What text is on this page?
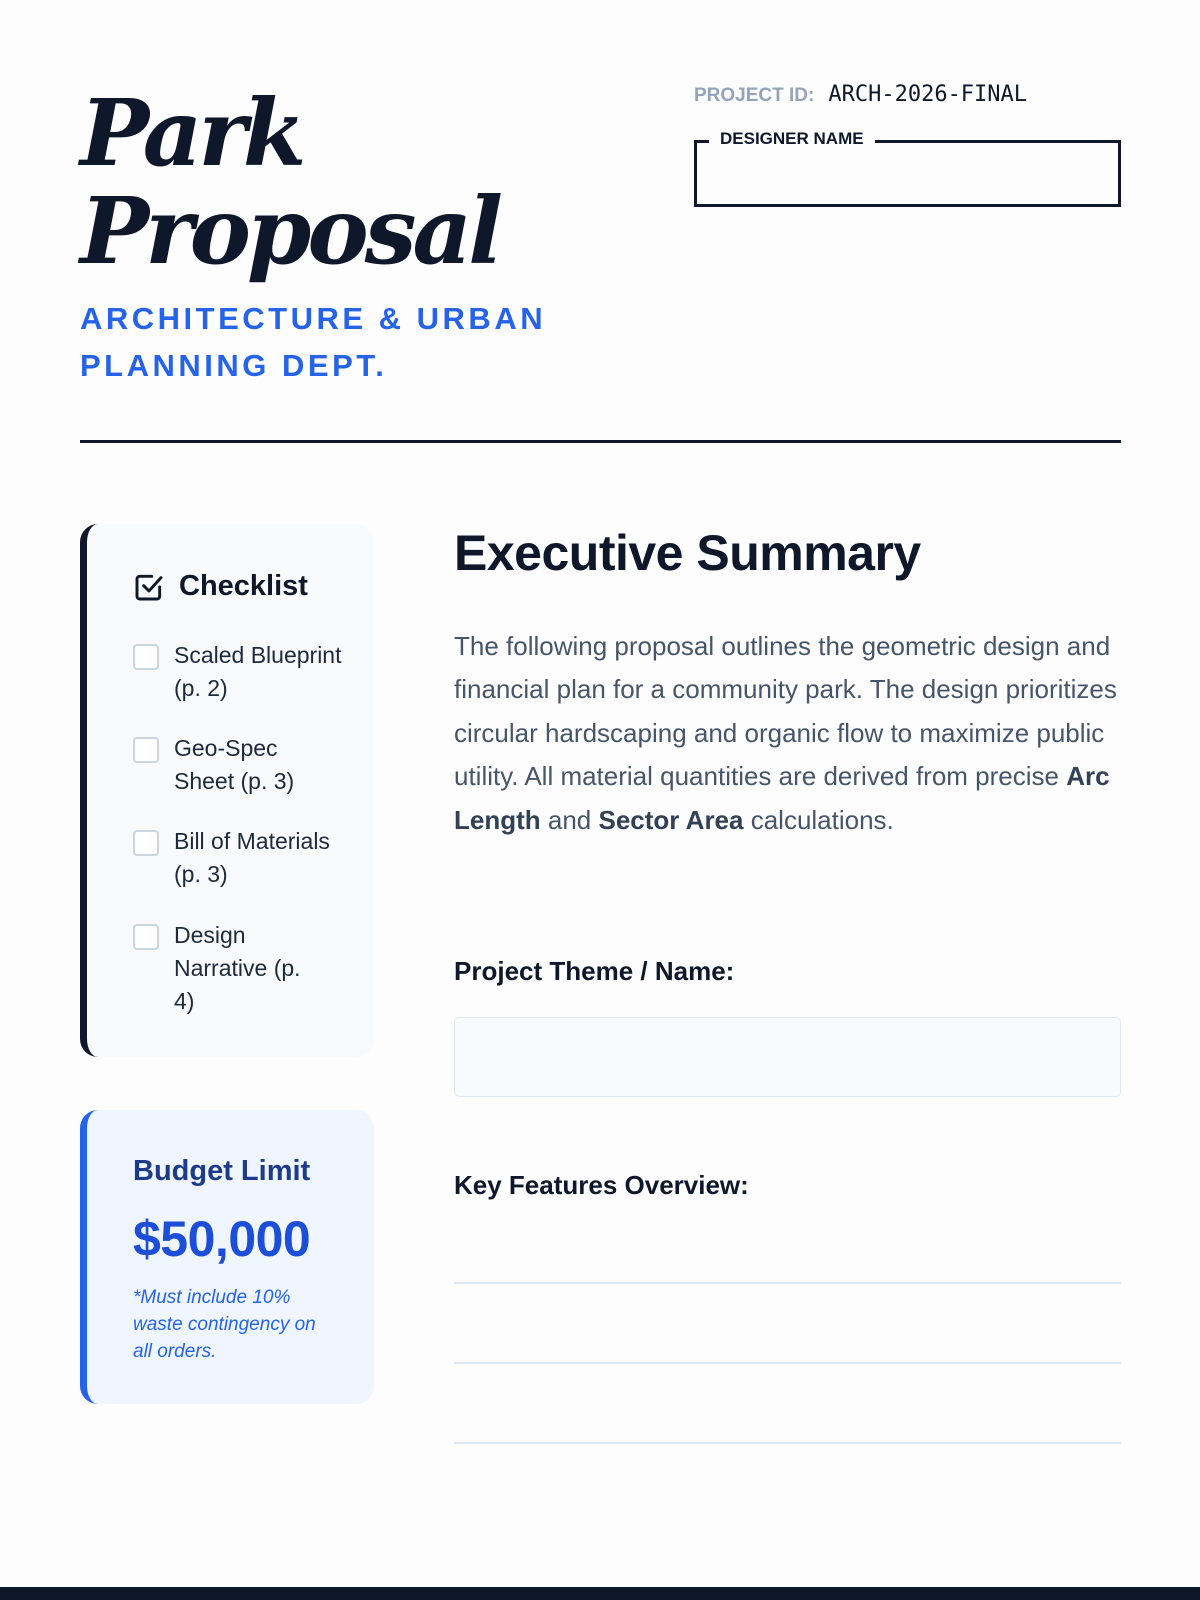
Park
Proposal
ARCHITECTURE & URBAN PLANNING DEPT.
PROJECT ID: ARCH-2026-FINAL
DESIGNER NAME
Checklist
Scaled Blueprint (p. 2)
Geo-Spec Sheet (p. 3)
Bill of Materials (p. 3)
Design Narrative (p. 4)
Budget Limit
$50,000
*Must include 10% waste contingency on all orders.
Executive Summary

The following proposal outlines the geometric design and financial plan for a community park. The design prioritizes circular hardscaping and organic flow to maximize public utility. All material quantities are derived from precise Arc Length and Sector Area calculations.

Project Theme / Name:
Key Features Overview:
